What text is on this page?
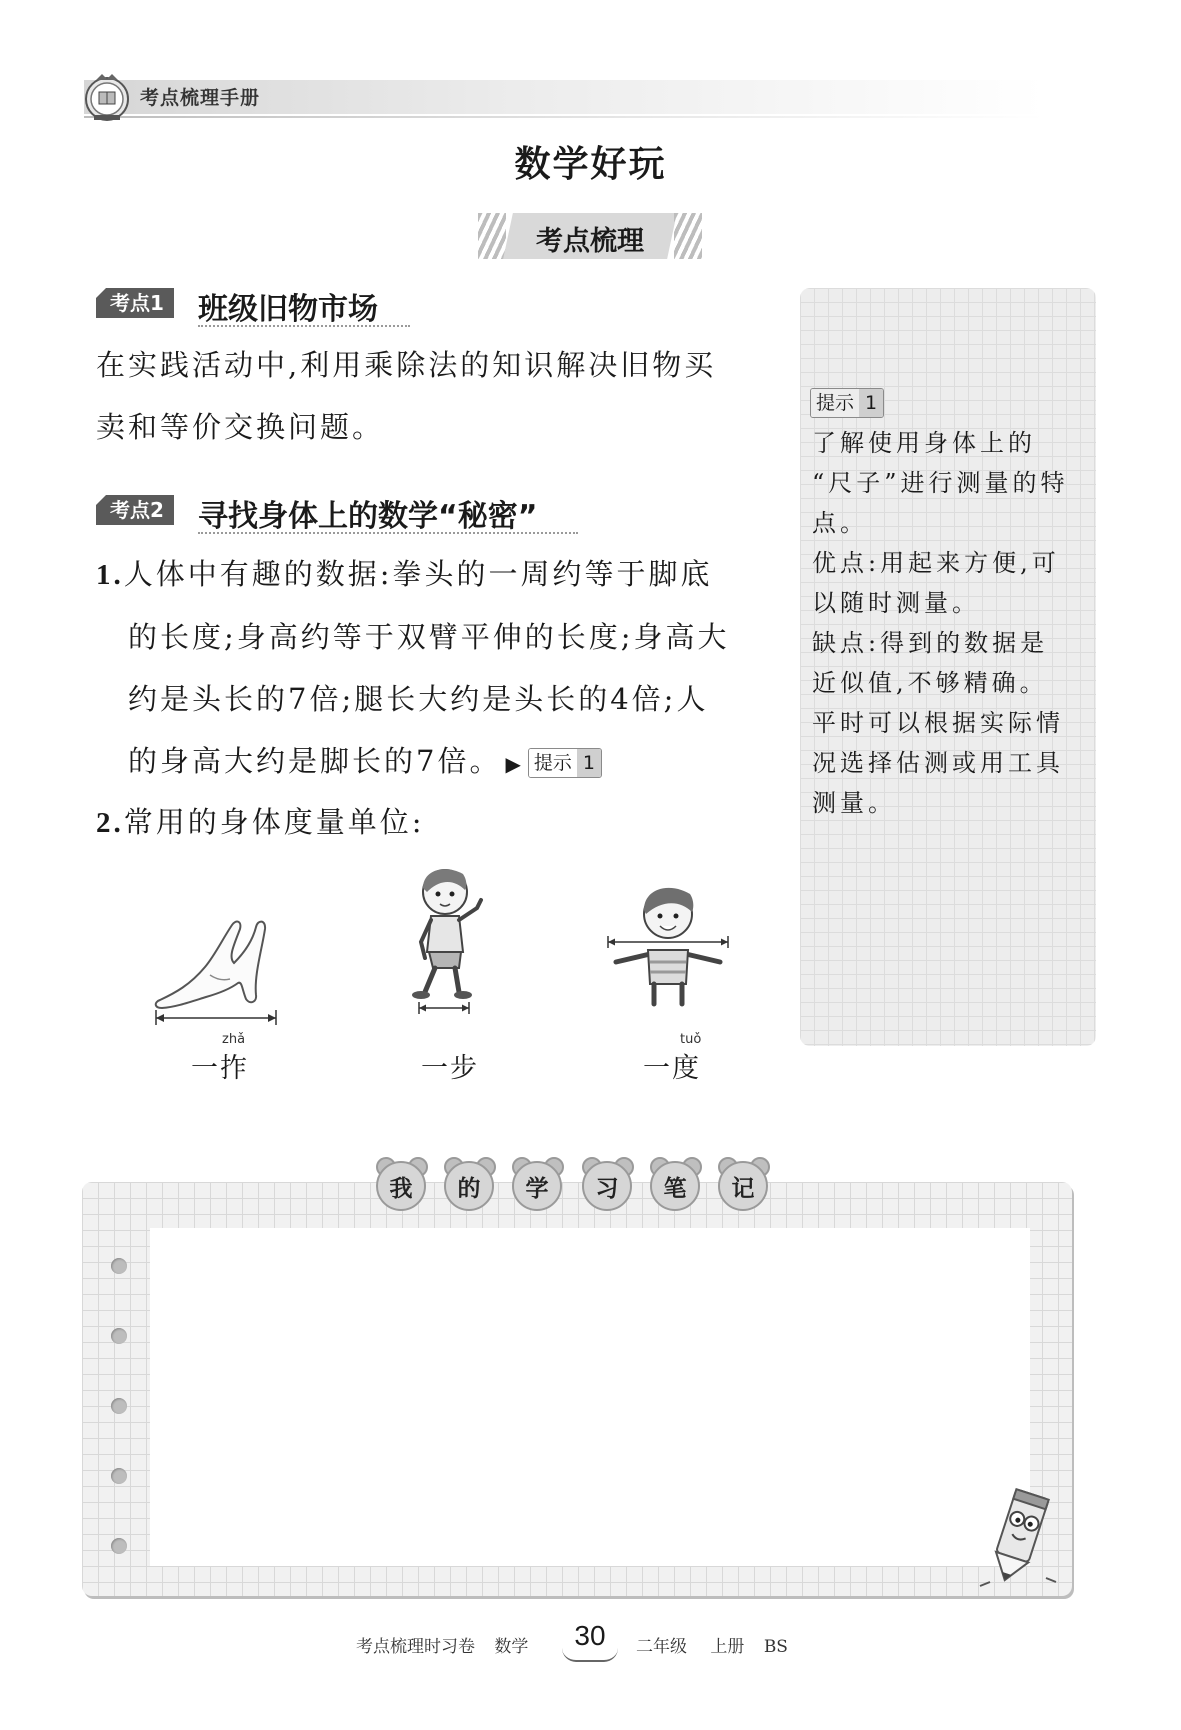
考点梳理手册
数学好玩
考点梳理
考点1	班级旧物市场
在实践活动中,利用乘除法的知识解决旧物买
卖和等价交换问题。
考点2	寻找身体上的数学“秘密”
1.人体中有趣的数据:拳头的一周约等于脚底
的长度;身高约等于双臂平伸的长度;身高大
约是头长的7倍;腿长大约是头长的4倍;人
的身高大约是脚长的7倍。 ▶ 提示 1
2.常用的身体度量单位:
zhǎ
一拃	一步
tuǒ
一度
提示 1
了解使用身体上的
“尺子”进行测量的特
点。
优点:用起来方便,可
以随时测量。
缺点:得到的数据是
近似值,不够精确。
平时可以根据实际情
况选择估测或用工具
测量。
我	的	学	习	笔	记
考点梳理时习卷 数学	30	二年级 上册 BS
